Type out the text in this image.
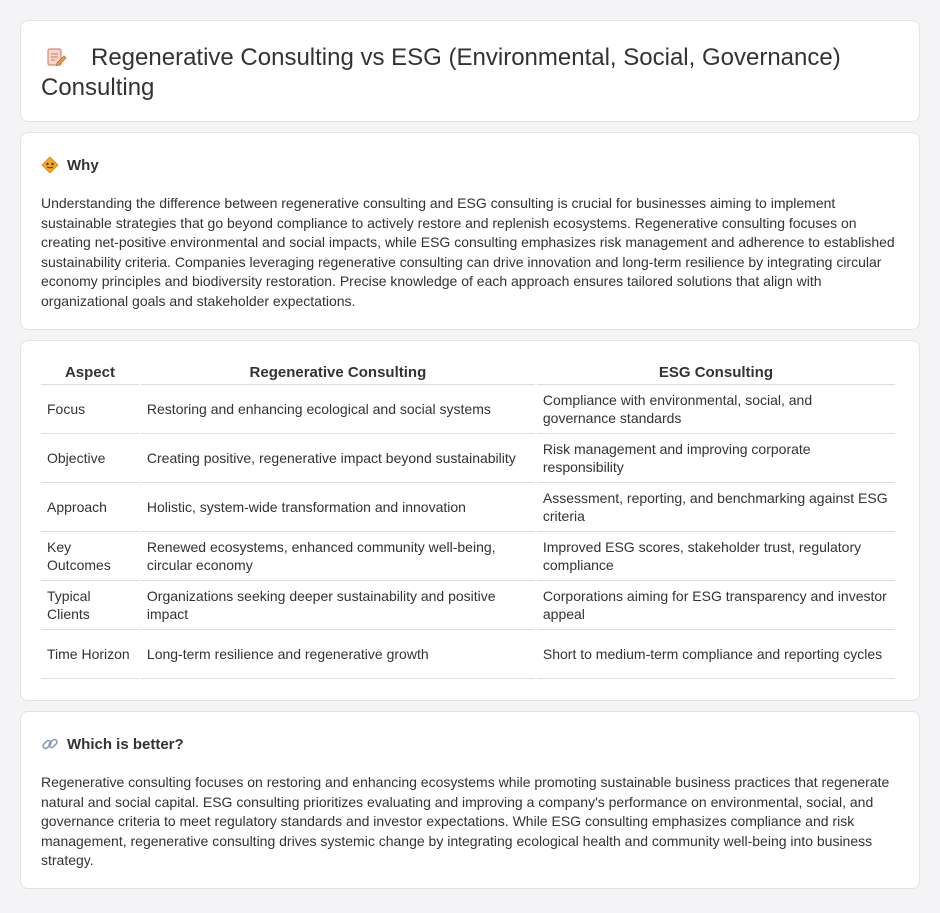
Regenerative Consulting vs ESG (Environmental, Social, Governance) Consulting
Why

Understanding the difference between regenerative consulting and ESG consulting is crucial for businesses aiming to implement sustainable strategies that go beyond compliance to actively restore and replenish ecosystems. Regenerative consulting focuses on creating net-positive environmental and social impacts, while ESG consulting emphasizes risk management and adherence to established sustainability criteria. Companies leveraging regenerative consulting can drive innovation and long-term resilience by integrating circular economy principles and biodiversity restoration. Precise knowledge of each approach ensures tailored solutions that align with organizational goals and stakeholder expectations.

Aspect	Regenerative Consulting	ESG Consulting
Focus	Restoring and enhancing ecological and social systems	Compliance with environmental, social, and governance standards
Objective	Creating positive, regenerative impact beyond sustainability	Risk management and improving corporate responsibility
Approach	Holistic, system-wide transformation and innovation	Assessment, reporting, and benchmarking against ESG criteria
Key Outcomes	Renewed ecosystems, enhanced community well-being, circular economy	Improved ESG scores, stakeholder trust, regulatory compliance
Typical Clients	Organizations seeking deeper sustainability and positive impact	Corporations aiming for ESG transparency and investor appeal
Time Horizon	Long-term resilience and regenerative growth	Short to medium-term compliance and reporting cycles
Which is better?

Regenerative consulting focuses on restoring and enhancing ecosystems while promoting sustainable business practices that regenerate natural and social capital. ESG consulting prioritizes evaluating and improving a company's performance on environmental, social, and governance criteria to meet regulatory standards and investor expectations. While ESG consulting emphasizes compliance and risk management, regenerative consulting drives systemic change by integrating ecological health and community well-being into business strategy.
